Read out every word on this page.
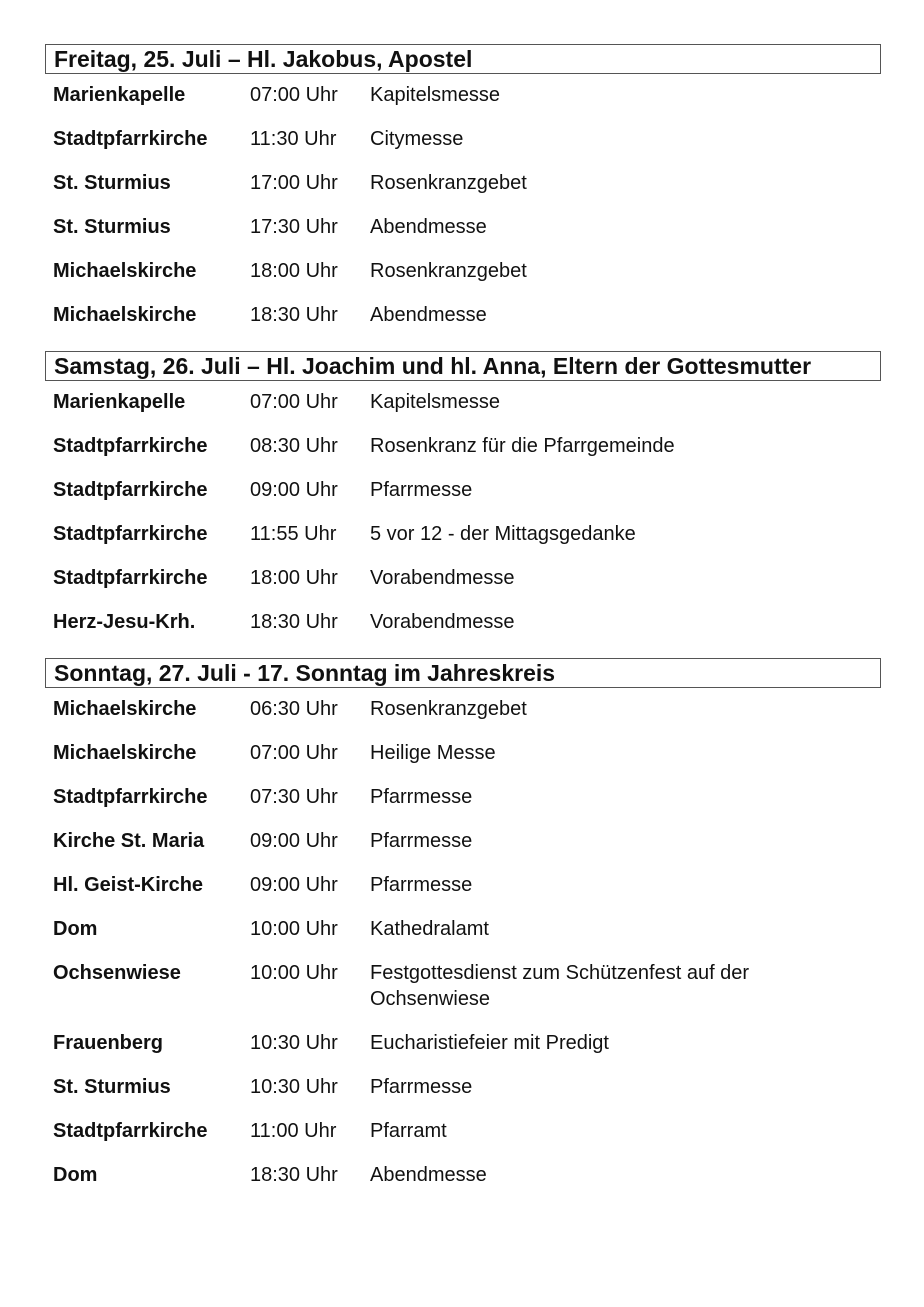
Freitag, 25. Juli – Hl. Jakobus, Apostel
Marienkapelle	07:00 Uhr	Kapitelsmesse
Stadtpfarrkirche	11:30 Uhr	Citymesse
St. Sturmius	17:00 Uhr	Rosenkranzgebet
St. Sturmius	17:30 Uhr	Abendmesse
Michaelskirche	18:00 Uhr	Rosenkranzgebet
Michaelskirche	18:30 Uhr	Abendmesse
Samstag, 26. Juli – Hl. Joachim und hl. Anna, Eltern der Gottesmutter
Marienkapelle	07:00 Uhr	Kapitelsmesse
Stadtpfarrkirche	08:30 Uhr	Rosenkranz für die Pfarrgemeinde
Stadtpfarrkirche	09:00 Uhr	Pfarrmesse
Stadtpfarrkirche	11:55 Uhr	5 vor 12 - der Mittagsgedanke
Stadtpfarrkirche	18:00 Uhr	Vorabendmesse
Herz-Jesu-Krh.	18:30 Uhr	Vorabendmesse
Sonntag, 27. Juli - 17. Sonntag im Jahreskreis
Michaelskirche	06:30 Uhr	Rosenkranzgebet
Michaelskirche	07:00 Uhr	Heilige Messe
Stadtpfarrkirche	07:30 Uhr	Pfarrmesse
Kirche St. Maria	09:00 Uhr	Pfarrmesse
Hl. Geist-Kirche	09:00 Uhr	Pfarrmesse
Dom	10:00 Uhr	Kathedralamt
Ochsenwiese	10:00 Uhr	Festgottesdienst zum Schützenfest auf der Ochsenwiese
Frauenberg	10:30 Uhr	Eucharistiefeier mit Predigt
St. Sturmius	10:30 Uhr	Pfarrmesse
Stadtpfarrkirche	11:00 Uhr	Pfarramt
Dom	18:30 Uhr	Abendmesse
